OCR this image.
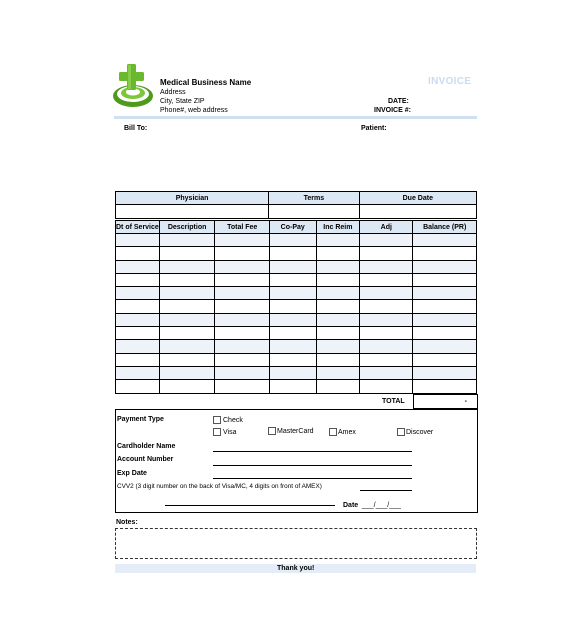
Medical Business Name
Address
City, State ZIP
Phone#, web address
INVOICE
DATE:
INVOICE #:
Bill To:	Patient:
Physician	Terms	Due Date

Dt of Service	Description	Total Fee	Co-Pay	Inc Reim	Adj	Balance (PR)

TOTAL	-
Payment Type	Check
Visa	MasterCard	Amex	Discover
Cardholder Name
Account Number
Exp Date
CVV2 (3 digit number on the back of Visa/MC, 4 digits on front of AMEX)
Date ___/___/___
Notes:
Thank you!
